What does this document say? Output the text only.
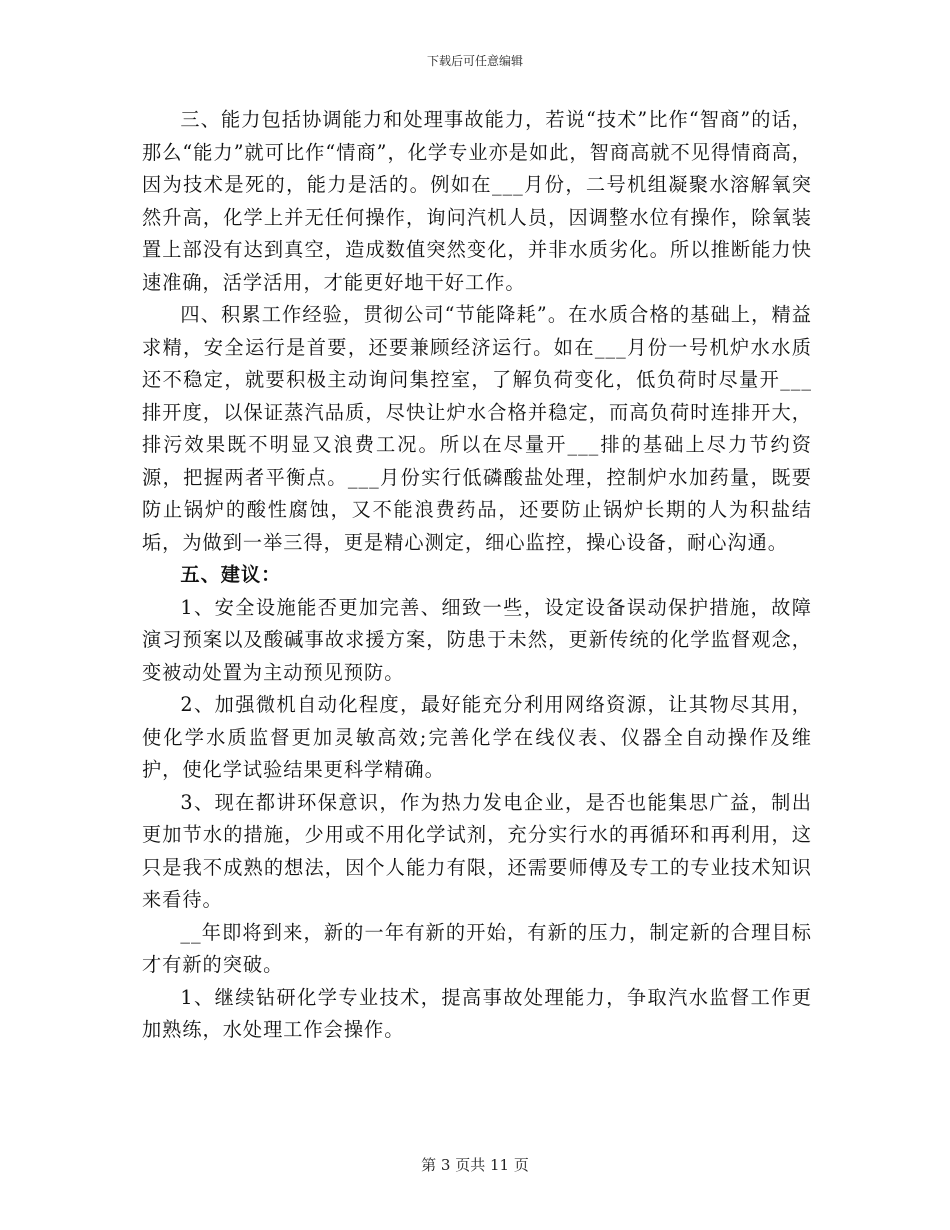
下载后可任意编辑

三、能力包括协调能力和处理事故能力，若说“技术”比作“智商”的话，那么“能力”就可比作“情商”，化学专业亦是如此，智商高就不见得情商高，因为技术是死的，能力是活的。例如在___月份，二号机组凝聚水溶解氧突然升高，化学上并无任何操作，询问汽机人员，因调整水位有操作，除氧装置上部没有达到真空，造成数值突然变化，并非水质劣化。所以推断能力快速准确，活学活用，才能更好地干好工作。

四、积累工作经验，贯彻公司“节能降耗”。在水质合格的基础上，精益求精，安全运行是首要，还要兼顾经济运行。如在___月份一号机炉水水质还不稳定，就要积极主动询问集控室，了解负荷变化，低负荷时尽量开___排开度，以保证蒸汽品质，尽快让炉水合格并稳定，而高负荷时连排开大，排污效果既不明显又浪费工况。所以在尽量开___排的基础上尽力节约资源，把握两者平衡点。___月份实行低磷酸盐处理，控制炉水加药量，既要防止锅炉的酸性腐蚀，又不能浪费药品，还要防止锅炉长期的人为积盐结垢，为做到一举三得，更是精心测定，细心监控，操心设备，耐心沟通。

五、建议：

1、安全设施能否更加完善、细致一些，设定设备误动保护措施，故障演习预案以及酸碱事故求援方案，防患于未然，更新传统的化学监督观念，变被动处置为主动预见预防。

2、加强微机自动化程度，最好能充分利用网络资源，让其物尽其用，使化学水质监督更加灵敏高效;完善化学在线仪表、仪器全自动操作及维护，使化学试验结果更科学精确。

3、现在都讲环保意识，作为热力发电企业，是否也能集思广益，制出更加节水的措施，少用或不用化学试剂，充分实行水的再循环和再利用，这只是我不成熟的想法，因个人能力有限，还需要师傅及专工的专业技术知识来看待。

__年即将到来，新的一年有新的开始，有新的压力，制定新的合理目标才有新的突破。

1、继续钻研化学专业技术，提高事故处理能力，争取汽水监督工作更加熟练，水处理工作会操作。

第 3 页共 11 页
